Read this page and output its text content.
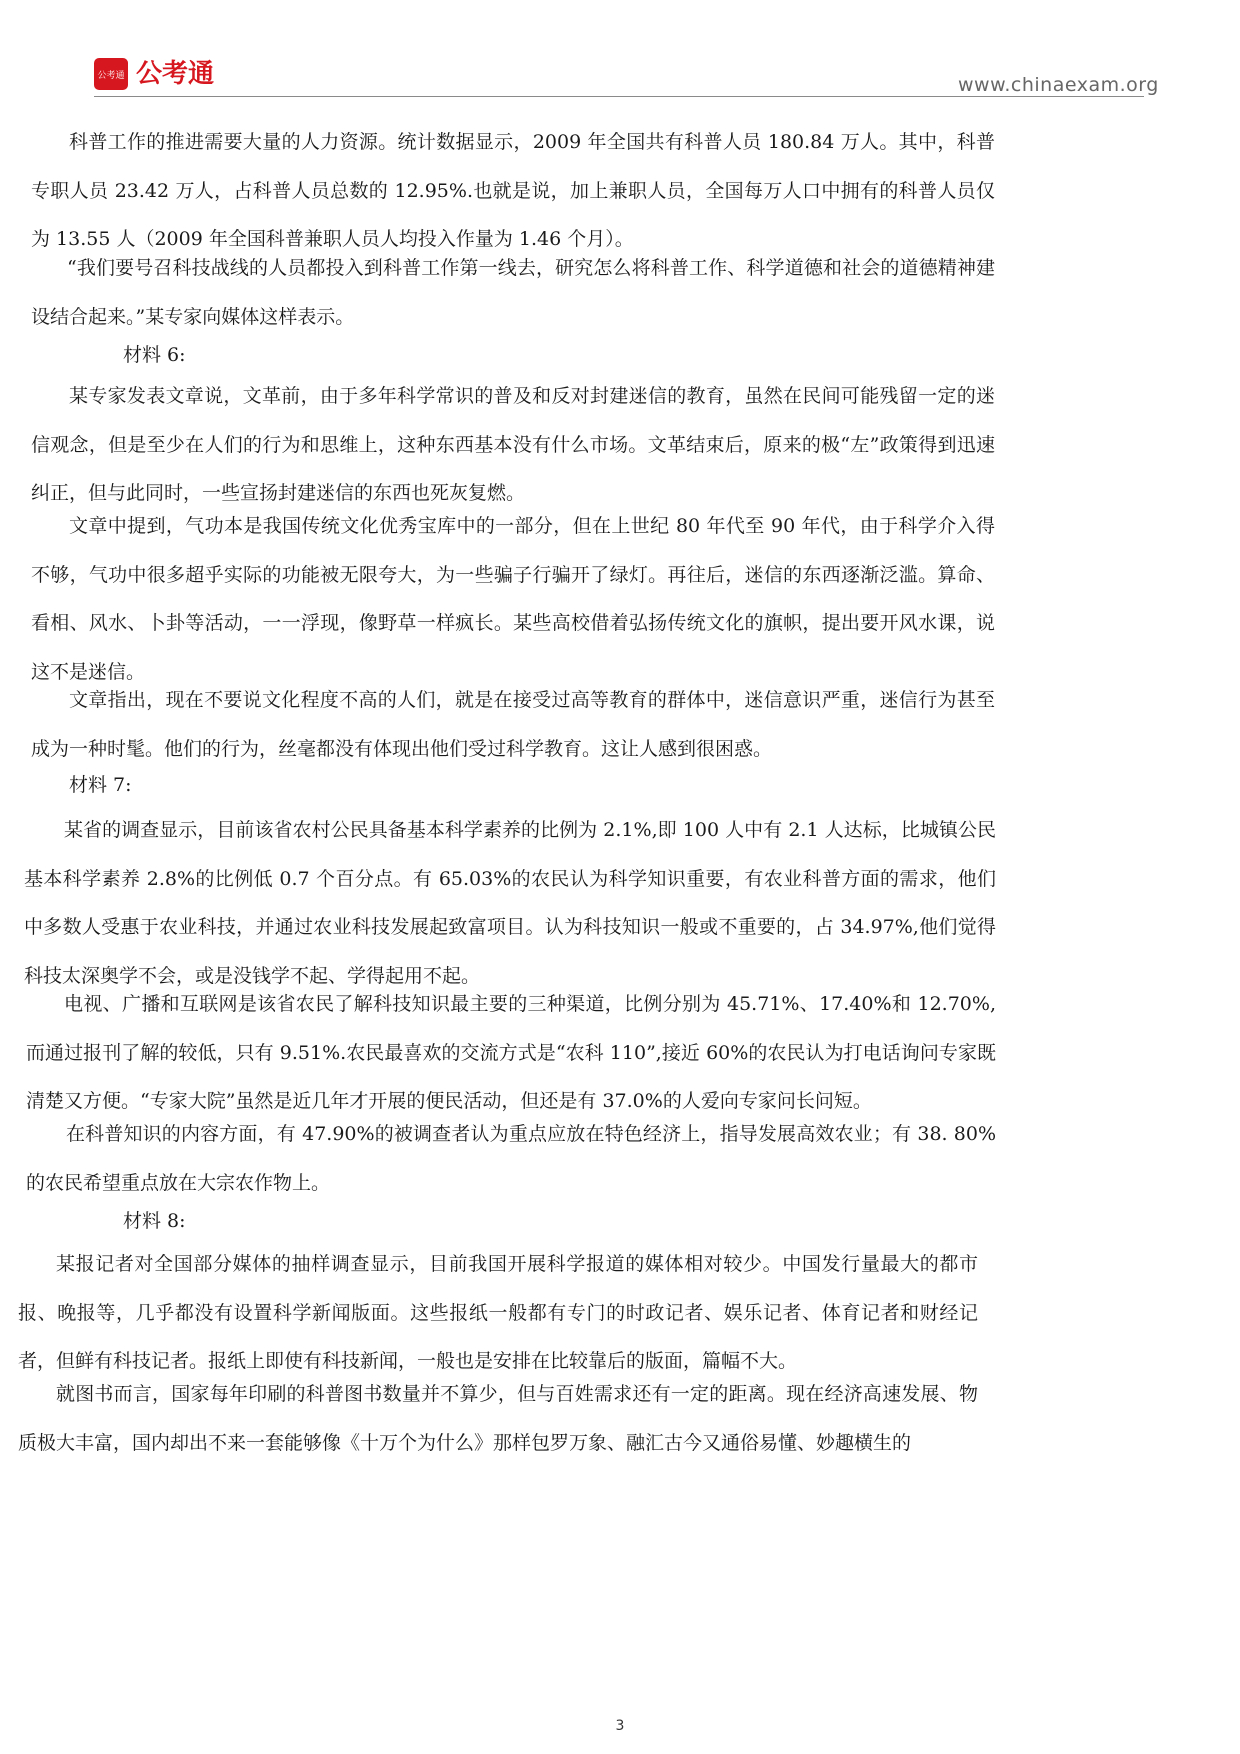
公考通 公考通	www.chinaexam.org

科普工作的推进需要大量的人力资源。统计数据显示，2009 年全国共有科普人员 180.84 万人。其中，科普专职人员 23.42 万人，占科普人员总数的 12.95%.也就是说，加上兼职人员，全国每万人口中拥有的科普人员仅为 13.55 人（2009 年全国科普兼职人员人均投入作量为 1.46 个月）。

“我们要号召科技战线的人员都投入到科普工作第一线去，研究怎么将科普工作、科学道德和社会的道德精神建设结合起来。”某专家向媒体这样表示。

材料 6:

某专家发表文章说，文革前，由于多年科学常识的普及和反对封建迷信的教育，虽然在民间可能残留一定的迷信观念，但是至少在人们的行为和思维上，这种东西基本没有什么市场。文革结束后，原来的极“左”政策得到迅速纠正，但与此同时，一些宣扬封建迷信的东西也死灰复燃。

文章中提到，气功本是我国传统文化优秀宝库中的一部分，但在上世纪 80 年代至 90 年代，由于科学介入得不够，气功中很多超乎实际的功能被无限夸大，为一些骗子行骗开了绿灯。再往后，迷信的东西逐渐泛滥。算命、看相、风水、卜卦等活动，一一浮现，像野草一样疯长。某些高校借着弘扬传统文化的旗帜，提出要开风水课，说这不是迷信。

文章指出，现在不要说文化程度不高的人们，就是在接受过高等教育的群体中，迷信意识严重，迷信行为甚至成为一种时髦。他们的行为，丝毫都没有体现出他们受过科学教育。这让人感到很困惑。

材料 7:

某省的调查显示，目前该省农村公民具备基本科学素养的比例为 2.1%,即 100 人中有 2.1 人达标，比城镇公民基本科学素养 2.8%的比例低 0.7 个百分点。有 65.03%的农民认为科学知识重要，有农业科普方面的需求，他们中多数人受惠于农业科技，并通过农业科技发展起致富项目。认为科技知识一般或不重要的，占 34.97%,他们觉得科技太深奥学不会，或是没钱学不起、学得起用不起。

电视、广播和互联网是该省农民了解科技知识最主要的三种渠道，比例分别为 45.71%、17.40%和 12.70%,而通过报刊了解的较低，只有 9.51%.农民最喜欢的交流方式是“农科 110”,接近 60%的农民认为打电话询问专家既清楚又方便。“专家大院”虽然是近几年才开展的便民活动，但还是有 37.0%的人爱向专家问长问短。

在科普知识的内容方面，有 47.90%的被调查者认为重点应放在特色经济上，指导发展高效农业；有 38. 80%的农民希望重点放在大宗农作物上。

材料 8:

某报记者对全国部分媒体的抽样调查显示，目前我国开展科学报道的媒体相对较少。中国发行量最大的都市报、晚报等，几乎都没有设置科学新闻版面。这些报纸一般都有专门的时政记者、娱乐记者、体育记者和财经记者，但鲜有科技记者。报纸上即使有科技新闻，一般也是安排在比较靠后的版面，篇幅不大。

就图书而言，国家每年印刷的科普图书数量并不算少，但与百姓需求还有一定的距离。现在经济高速发展、物质极大丰富，国内却出不来一套能够像《十万个为什么》那样包罗万象、融汇古今又通俗易懂、妙趣横生的

3
